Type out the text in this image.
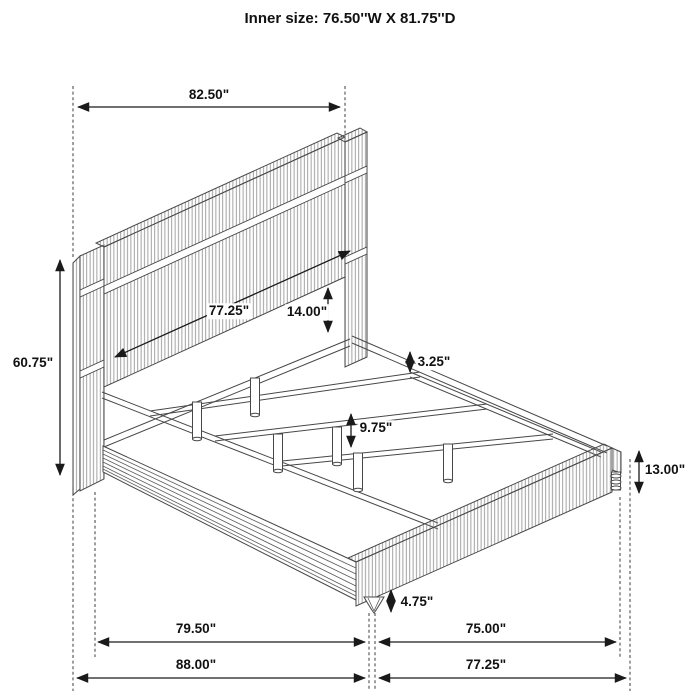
Inner size: 76.50''W X 81.75''D
82.50"
60.75"
77.25"	14.00"
3.25"
9.75"
13.00"
4.75"
79.50"	75.00"
88.00"	77.25"
